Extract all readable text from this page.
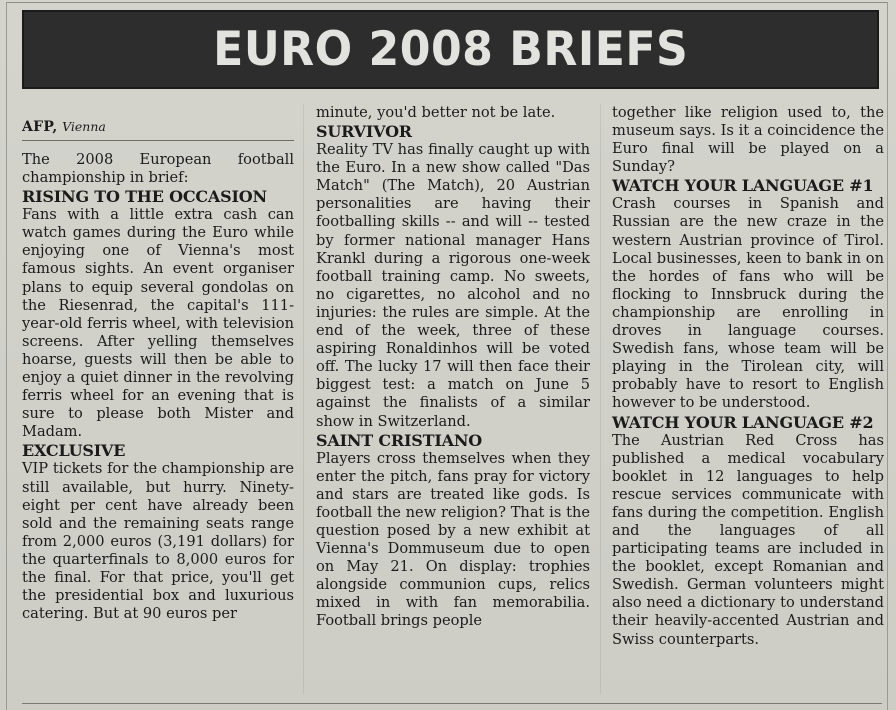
EURO 2008 BRIEFS
AFP, Vienna

The 2008 European football championship in brief:

RISING TO THE OCCASION

Fans with a little extra cash can watch games during the Euro while enjoying one of Vienna's most famous sights. An event organiser plans to equip several gondolas on the Riesenrad, the capital's 111-year-old ferris wheel, with television screens. After yelling themselves hoarse, guests will then be able to enjoy a quiet dinner in the revolving ferris wheel for an evening that is sure to please both Mister and Madam.

EXCLUSIVE

VIP tickets for the championship are still available, but hurry. Ninety-eight per cent have already been sold and the remaining seats range from 2,000 euros (3,191 dollars) for the quarterfinals to 8,000 euros for the final. For that price, you'll get the presidential box and luxurious catering. But at 90 euros per

minute, you'd better not be late.

SURVIVOR

Reality TV has finally caught up with the Euro. In a new show called "Das Match" (The Match), 20 Austrian personalities are having their footballing skills -- and will -- tested by former national manager Hans Krankl during a rigorous one-week football training camp. No sweets, no cigarettes, no alcohol and no injuries: the rules are simple. At the end of the week, three of these aspiring Ronaldinhos will be voted off. The lucky 17 will then face their biggest test: a match on June 5 against the finalists of a similar show in Switzerland.

SAINT CRISTIANO

Players cross themselves when they enter the pitch, fans pray for victory and stars are treated like gods. Is football the new religion? That is the question posed by a new exhibit at Vienna's Dommuseum due to open on May 21. On display: trophies alongside communion cups, relics mixed in with fan memorabilia. Football brings people

together like religion used to, the museum says. Is it a coincidence the Euro final will be played on a Sunday?

WATCH YOUR LANGUAGE #1

Crash courses in Spanish and Russian are the new craze in the western Austrian province of Tirol. Local businesses, keen to bank in on the hordes of fans who will be flocking to Innsbruck during the championship are enrolling in droves in language courses. Swedish fans, whose team will be playing in the Tirolean city, will probably have to resort to English however to be understood.

WATCH YOUR LANGUAGE #2

The Austrian Red Cross has published a medical vocabulary booklet in 12 languages to help rescue services communicate with fans during the competition. English and the languages of all participating teams are included in the booklet, except Romanian and Swedish. German volunteers might also need a dictionary to understand their heavily-accented Austrian and Swiss counterparts.
